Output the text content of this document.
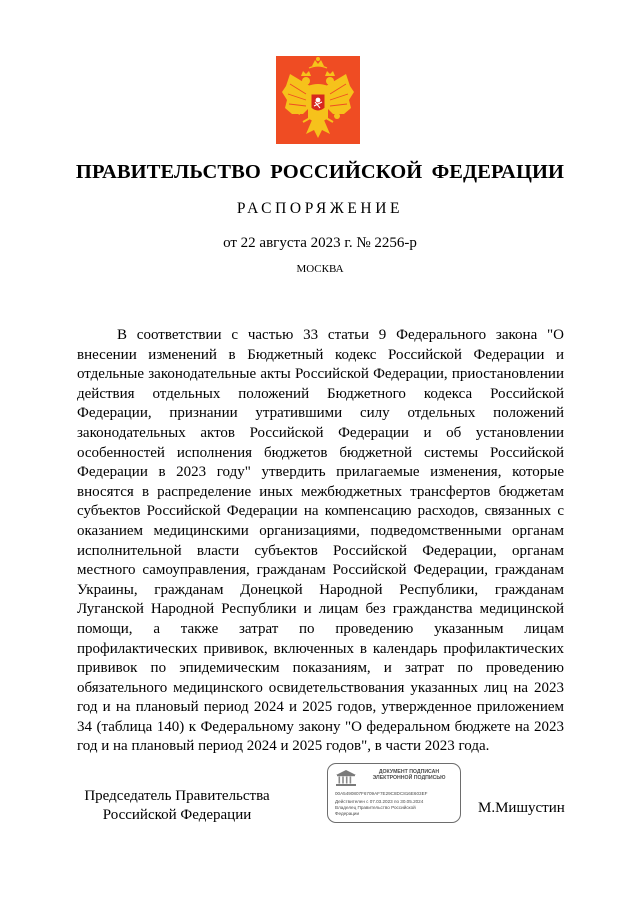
ПРАВИТЕЛЬСТВО РОССИЙСКОЙ ФЕДЕРАЦИИ
РАСПОРЯЖЕНИЕ
от 22 августа 2023 г. № 2256-р
МОСКВА

В соответствии с частью 33 статьи 9 Федерального закона "О внесении изменений в Бюджетный кодекс Российской Федерации и отдельные законодательные акты Российской Федерации, приостановлении действия отдельных положений Бюджетного кодекса Российской Федерации, признании утратившими силу отдельных положений законодательных актов Российской Федерации и об установлении особенностей исполнения бюджетов бюджетной системы Российской Федерации в 2023 году" утвердить прилагаемые изменения, которые вносятся в распределение иных межбюджетных трансфертов бюджетам субъектов Российской Федерации на компенсацию расходов, связанных с оказанием медицинскими организациями, подведомственными органам исполнительной власти субъектов Российской Федерации, органам местного самоуправления, гражданам Российской Федерации, гражданам Украины, гражданам Донецкой Народной Республики, гражданам Луганской Народной Республики и лицам без гражданства медицинской помощи, а также затрат по проведению указанным лицам профилактических прививок, включенных в календарь профилактических прививок по эпидемическим показаниям, и затрат по проведению обязательного медицинского освидетельствования указанных лиц на 2023 год и на плановый период 2024 и 2025 годов, утвержденное приложением 34 (таблица 140) к Федеральному закону "О федеральном бюджете на 2023 год и на плановый период 2024 и 2025 годов", в части 2023 года.

Председатель Правительства
Российской Федерации
ДОКУМЕНТ ПОДПИСАН
ЭЛЕКТРОННОЙ ПОДПИСЬЮ
00A5490807F6709AF7E29C8DC816E603EF
Действителен с 07.03.2023 по 30.05.2024
Владелец Правительство Российской
Федерации	М.Мишустин
